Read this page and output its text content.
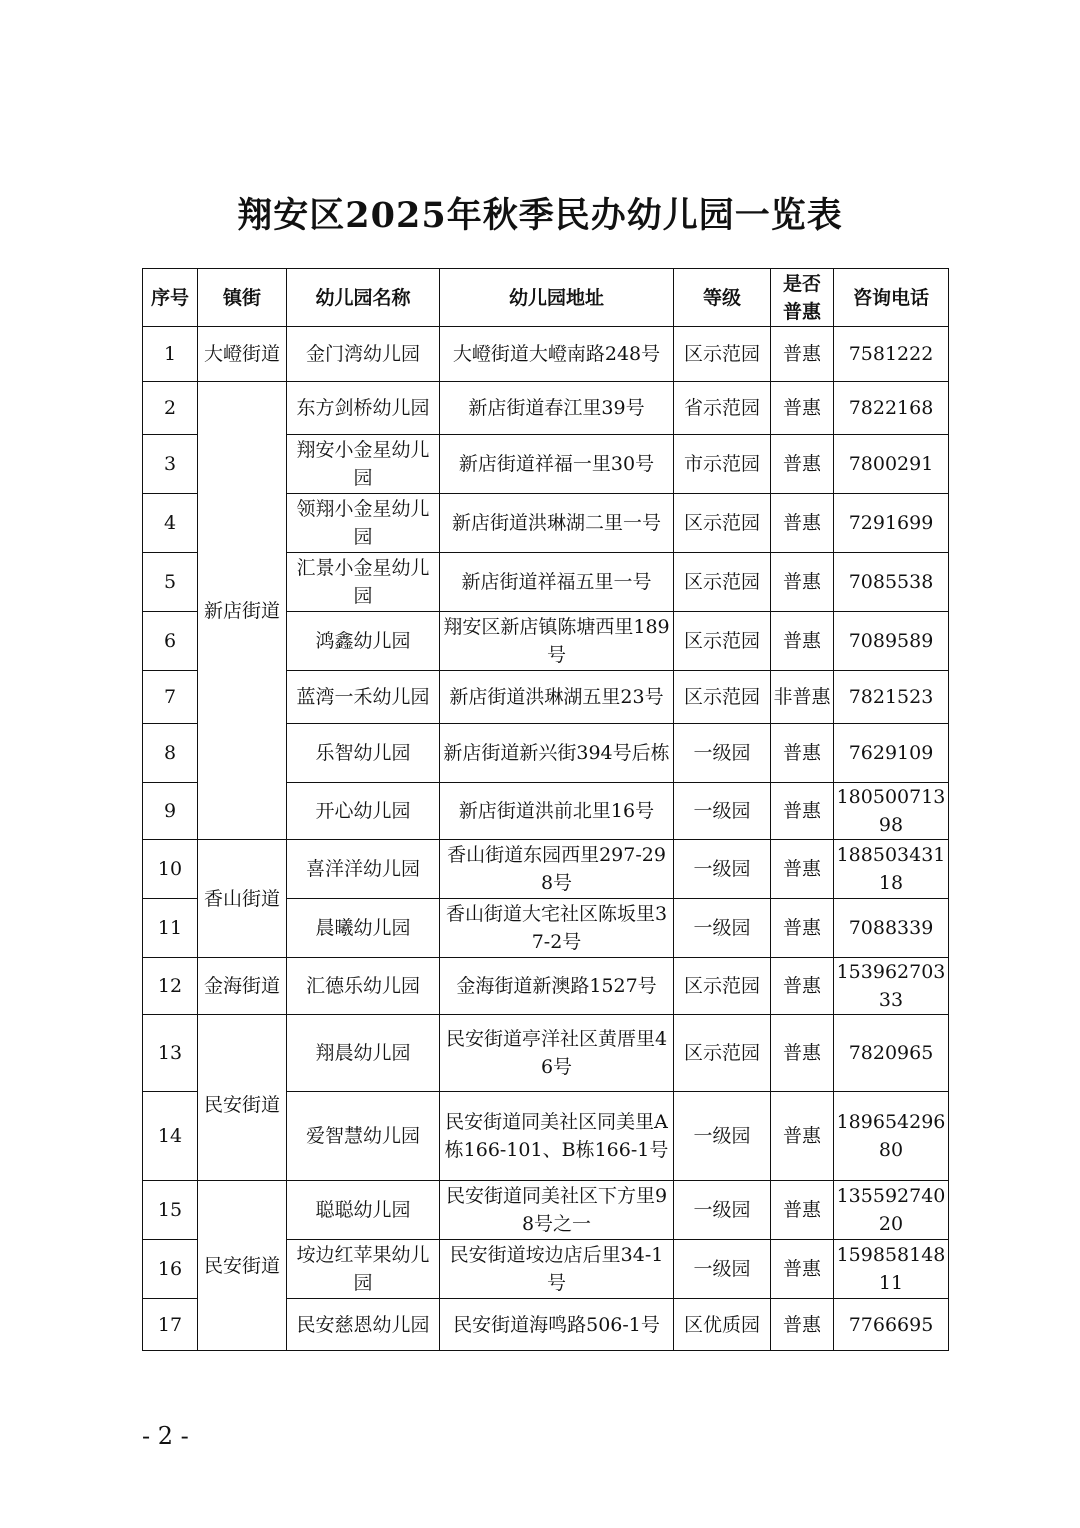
翔安区2025年秋季民办幼儿园一览表
序号	镇街	幼儿园名称	幼儿园地址	等级	是否普惠	咨询电话
1	大嶝街道	金门湾幼儿园	大嶝街道大嶝南路248号	区示范园	普惠	7581222
2	新店街道	东方剑桥幼儿园	新店街道春江里39号	省示范园	普惠	7822168
3		翔安小金星幼儿园	新店街道祥福一里30号	市示范园	普惠	7800291
4		领翔小金星幼儿园	新店街道洪琳湖二里一号	区示范园	普惠	7291699
5		汇景小金星幼儿园	新店街道祥福五里一号	区示范园	普惠	7085538
6		鸿鑫幼儿园	翔安区新店镇陈塘西里189号	区示范园	普惠	7089589
7		蓝湾一禾幼儿园	新店街道洪琳湖五里23号	区示范园	非普惠	7821523
8		乐智幼儿园	新店街道新兴街394号后栋	一级园	普惠	7629109
9		开心幼儿园	新店街道洪前北里16号	一级园	普惠	18050071398
10	香山街道	喜洋洋幼儿园	香山街道东园西里297-298号	一级园	普惠	18850343118
11		晨曦幼儿园	香山街道大宅社区陈坂里37-2号	一级园	普惠	7088339
12	金海街道	汇德乐幼儿园	金海街道新澳路1527号	区示范园	普惠	15396270333
13	民安街道	翔晨幼儿园	民安街道亭洋社区黄厝里46号	区示范园	普惠	7820965
14		爱智慧幼儿园	民安街道同美社区同美里A栋166-101、B栋166-1号	一级园	普惠	18965429680
15	民安街道	聪聪幼儿园	民安街道同美社区下方里98号之一	一级园	普惠	13559274020
16		垵边红苹果幼儿园	民安街道垵边店后里34-1号	一级园	普惠	15985814811
17		民安慈恩幼儿园	民安街道海鸣路506-1号	区优质园	普惠	7766695
- 2 -
